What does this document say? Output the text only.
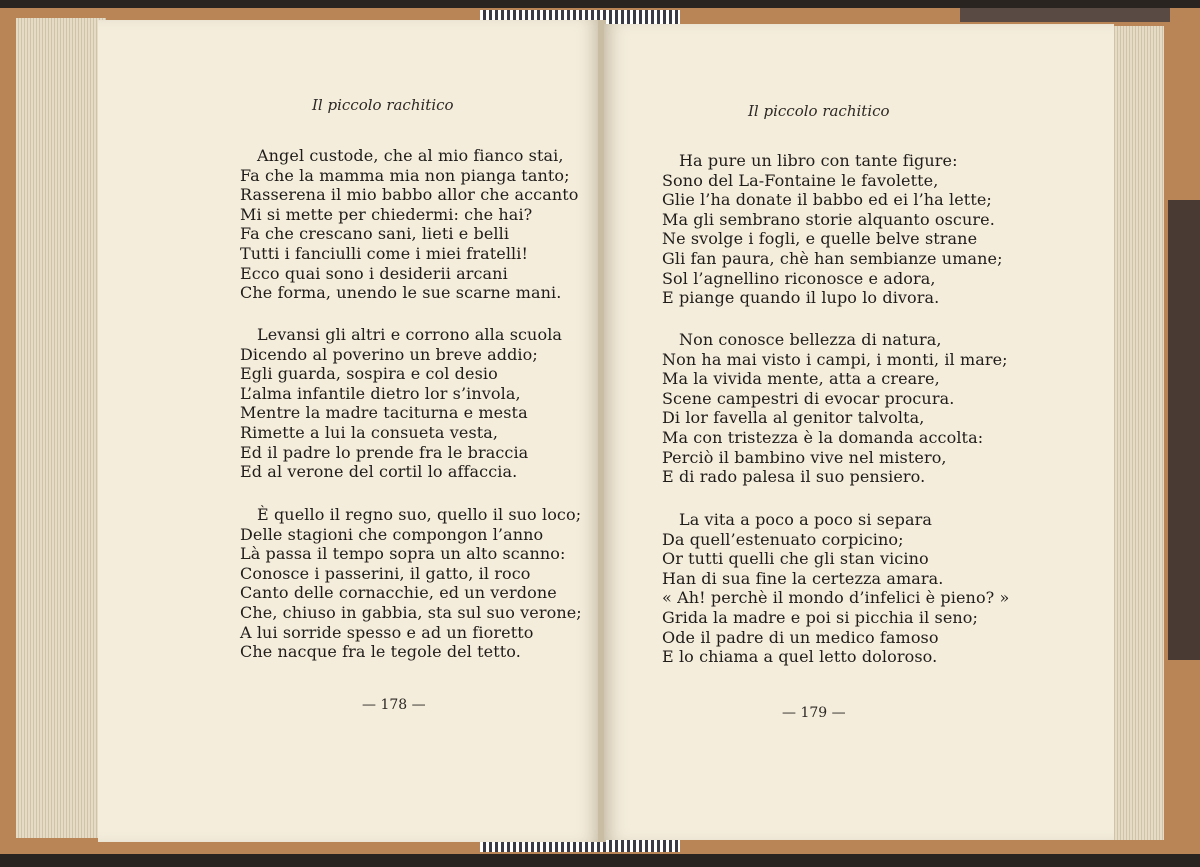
Il piccolo rachitico
Angel custode, che al mio fianco stai,
Fa che la mamma mia non pianga tanto;
Rasserena il mio babbo allor che accanto
Mi si mette per chiedermi: che hai?
Fa che crescano sani, lieti e belli
Tutti i fanciulli come i miei fratelli!
Ecco quai sono i desiderii arcani
Che forma, unendo le sue scarne mani.
Levansi gli altri e corrono alla scuola
Dicendo al poverino un breve addio;
Egli guarda, sospira e col desio
L’alma infantile dietro lor s’invola,
Mentre la madre taciturna e mesta
Rimette a lui la consueta vesta,
Ed il padre lo prende fra le braccia
Ed al verone del cortil lo affaccia.
È quello il regno suo, quello il suo loco;
Delle stagioni che compongon l’anno
Là passa il tempo sopra un alto scanno:
Conosce i passerini, il gatto, il roco
Canto delle cornacchie, ed un verdone
Che, chiuso in gabbia, sta sul suo verone;
A lui sorride spesso e ad un fioretto
Che nacque fra le tegole del tetto.
— 178 —
Il piccolo rachitico
Ha pure un libro con tante figure:
Sono del La-Fontaine le favolette,
Glie l’ha donate il babbo ed ei l’ha lette;
Ma gli sembrano storie alquanto oscure.
Ne svolge i fogli, e quelle belve strane
Gli fan paura, chè han sembianze umane;
Sol l’agnellino riconosce e adora,
E piange quando il lupo lo divora.
Non conosce bellezza di natura,
Non ha mai visto i campi, i monti, il mare;
Ma la vivida mente, atta a creare,
Scene campestri di evocar procura.
Di lor favella al genitor talvolta,
Ma con tristezza è la domanda accolta:
Perciò il bambino vive nel mistero,
E di rado palesa il suo pensiero.
La vita a poco a poco si separa
Da quell’estenuato corpicino;
Or tutti quelli che gli stan vicino
Han di sua fine la certezza amara.
« Ah! perchè il mondo d’infelici è pieno? »
Grida la madre e poi si picchia il seno;
Ode il padre di un medico famoso
E lo chiama a quel letto doloroso.
— 179 —
